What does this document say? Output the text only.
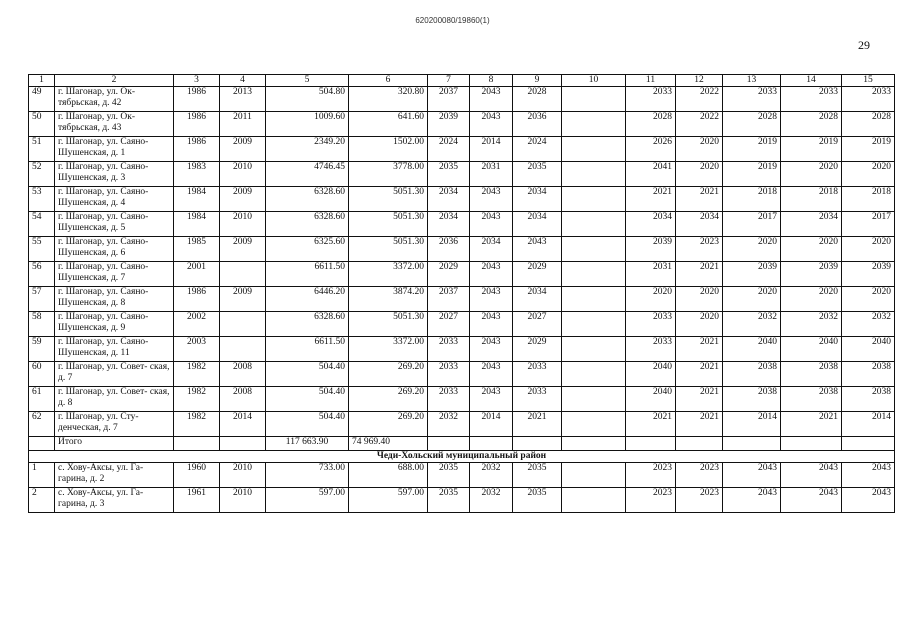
620200080/19860(1)
29
1	2	3	4	5	6	7	8	9	10	11	12	13	14	15
49	г. Шагонар, ул. Ок- тябрьская, д. 42	1986	2013	504.80	320.80	2037	2043	2028		2033	2022	2033	2033	2033
50	г. Шагонар, ул. Ок- тябрьская, д. 43	1986	2011	1009.60	641.60	2039	2043	2036		2028	2022	2028	2028	2028
51	г. Шагонар, ул. Саяно- Шушенская, д. 1	1986	2009	2349.20	1502.00	2024	2014	2024		2026	2020	2019	2019	2019
52	г. Шагонар, ул. Саяно- Шушенская, д. 3	1983	2010	4746.45	3778.00	2035	2031	2035		2041	2020	2019	2020	2020
53	г. Шагонар, ул. Саяно- Шушенская, д. 4	1984	2009	6328.60	5051.30	2034	2043	2034		2021	2021	2018	2018	2018
54	г. Шагонар, ул. Саяно- Шушенская, д. 5	1984	2010	6328.60	5051.30	2034	2043	2034		2034	2034	2017	2034	2017
55	г. Шагонар, ул. Саяно- Шушенская, д. 6	1985	2009	6325.60	5051.30	2036	2034	2043		2039	2023	2020	2020	2020
56	г. Шагонар, ул. Саяно- Шушенская, д. 7	2001		6611.50	3372.00	2029	2043	2029		2031	2021	2039	2039	2039
57	г. Шагонар, ул. Саяно- Шушенская, д. 8	1986	2009	6446.20	3874.20	2037	2043	2034		2020	2020	2020	2020	2020
58	г. Шагонар, ул. Саяно- Шушенская, д. 9	2002		6328.60	5051.30	2027	2043	2027		2033	2020	2032	2032	2032
59	г. Шагонар, ул. Саяно- Шушенская, д. 11	2003		6611.50	3372.00	2033	2043	2029		2033	2021	2040	2040	2040
60	г. Шагонар, ул. Совет- ская, д. 7	1982	2008	504.40	269.20	2033	2043	2033		2040	2021	2038	2038	2038
61	г. Шагонар, ул. Совет- ская, д. 8	1982	2008	504.40	269.20	2033	2043	2033		2040	2021	2038	2038	2038
62	г. Шагонар, ул. Сту- денческая, д. 7	1982	2014	504.40	269.20	2032	2014	2021		2021	2021	2014	2021	2014
	Итого			117 663.90	74 969.40									
Чеди-Хольский муниципальный район														
1	с. Хову-Аксы, ул. Га- гарина, д. 2	1960	2010	733.00	688.00	2035	2032	2035		2023	2023	2043	2043	2043
2	с. Хову-Аксы, ул. Га- гарина, д. 3	1961	2010	597.00	597.00	2035	2032	2035		2023	2023	2043	2043	2043
